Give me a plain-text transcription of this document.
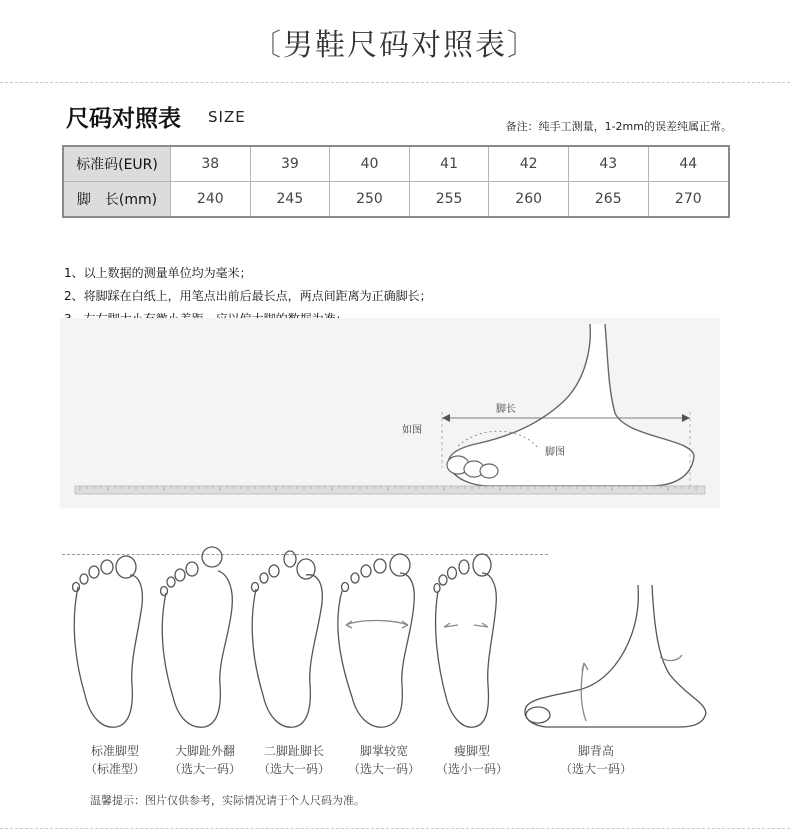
〔男鞋尺码对照表〕
尺码对照表 SIZE
备注：纯手工测量，1-2mm的误差纯属正常。
标准码(EUR)	38	39	40	41	42	43	44
脚　长(mm)	240	245	250	255	260	265	270
1、以上数据的测量单位均为毫米；
2、将脚踩在白纸上，用笔点出前后最长点，两点间距离为正确脚长；
脚长
如图
脚图
标准脚型
（标准型）
大脚趾外翻
（选大一码）
二脚趾脚长
（选大一码）
脚掌较宽
（选大一码）
瘦脚型
（选小一码）
脚背高
（选大一码）
温馨提示：图片仅供参考，实际情况请于个人尺码为准。
